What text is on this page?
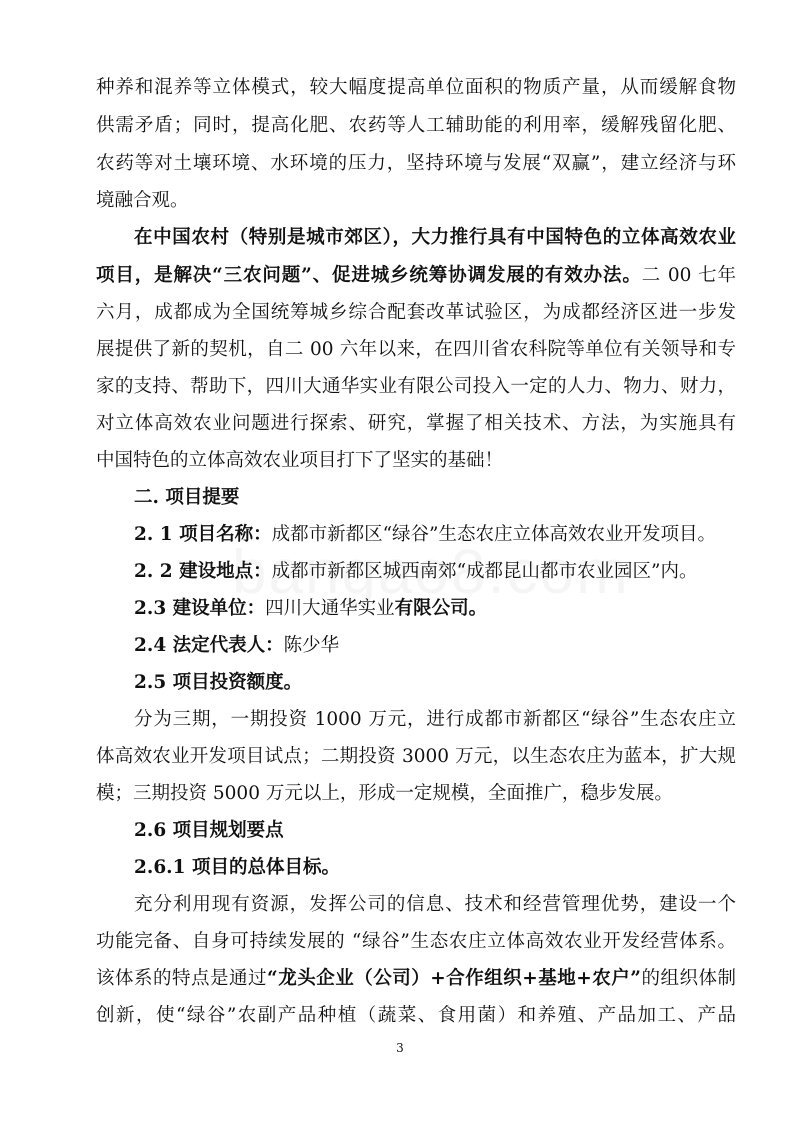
种养和混养等立体模式，较大幅度提高单位面积的物质产量，从而缓解食物
供需矛盾；同时，提高化肥、农药等人工辅助能的利用率，缓解残留化肥、
农药等对土壤环境、水环境的压力，坚持环境与发展“双赢”，建立经济与环
境融合观。
在中国农村（特别是城市郊区），大力推行具有中国特色的立体高效农业
项目，是解决“三农问题”、促进城乡统筹协调发展的有效办法。二 00 七年
六月，成都成为全国统筹城乡综合配套改革试验区，为成都经济区进一步发
展提供了新的契机，自二 00 六年以来，在四川省农科院等单位有关领导和专
家的支持、帮助下，四川大通华实业有限公司投入一定的人力、物力、财力，
对立体高效农业问题进行探索、研究，掌握了相关技术、方法，为实施具有
中国特色的立体高效农业项目打下了坚实的基础！
二. 项目提要
2. 1 项目名称：成都市新都区“绿谷”生态农庄立体高效农业开发项目。
2. 2 建设地点：成都市新都区城西南郊“成都昆山都市农业园区”内。
2.3 建设单位：四川大通华实业有限公司。
2.4 法定代表人：陈少华
2.5 项目投资额度。
分为三期，一期投资 1000 万元，进行成都市新都区“绿谷”生态农庄立
体高效农业开发项目试点；二期投资 3000 万元，以生态农庄为蓝本，扩大规
模；三期投资 5000 万元以上，形成一定规模，全面推广，稳步发展。
2.6 项目规划要点
2.6.1 项目的总体目标。
充分利用现有资源，发挥公司的信息、技术和经营管理优势，建设一个
功能完备、自身可持续发展的 “绿谷”生态农庄立体高效农业开发经营体系。
该体系的特点是通过“龙头企业（公司）+合作组织+基地+农户”的组织体制
创新，使“绿谷”农副产品种植（蔬菜、食用菌）和养殖、产品加工、产品
3
